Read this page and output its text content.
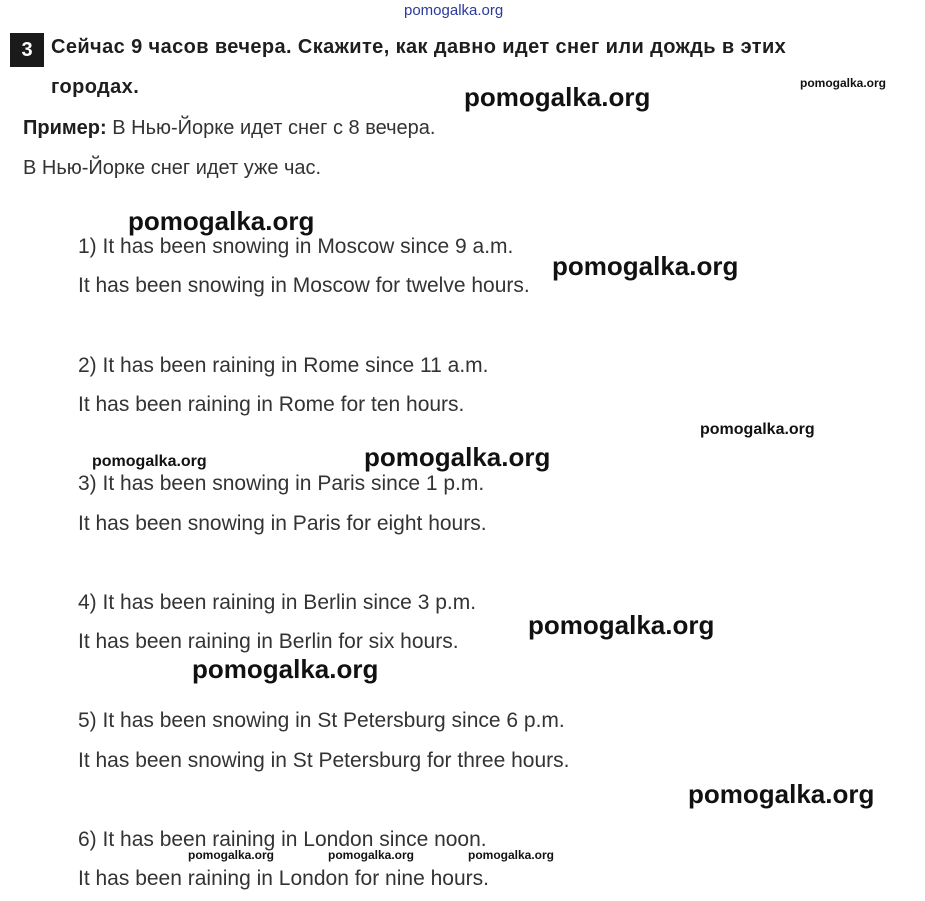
pomogalka.org
3 Сейчас 9 часов вечера. Скажите, как давно идет снег или дождь в этих
городах.
Пример: В Нью-Йорке идет снег с 8 вечера.
В Нью-Йорке снег идет уже час.
1) It has been snowing in Moscow since 9 a.m.
It has been snowing in Moscow for twelve hours.
2) It has been raining in Rome since 11 a.m.
It has been raining in Rome for ten hours.
3) It has been snowing in Paris since 1 p.m.
It has been snowing in Paris for eight hours.
4) It has been raining in Berlin since 3 p.m.
It has been raining in Berlin for six hours.
5) It has been snowing in St Petersburg since 6 p.m.
It has been snowing in St Petersburg for three hours.
6) It has been raining in London since noon.
It has been raining in London for nine hours.
pomogalka.org
pomogalka.org
pomogalka.org
pomogalka.org
pomogalka.org
pomogalka.org	pomogalka.org
pomogalka.org
pomogalka.org
pomogalka.org
pomogalka.org	pomogalka.org	pomogalka.org
